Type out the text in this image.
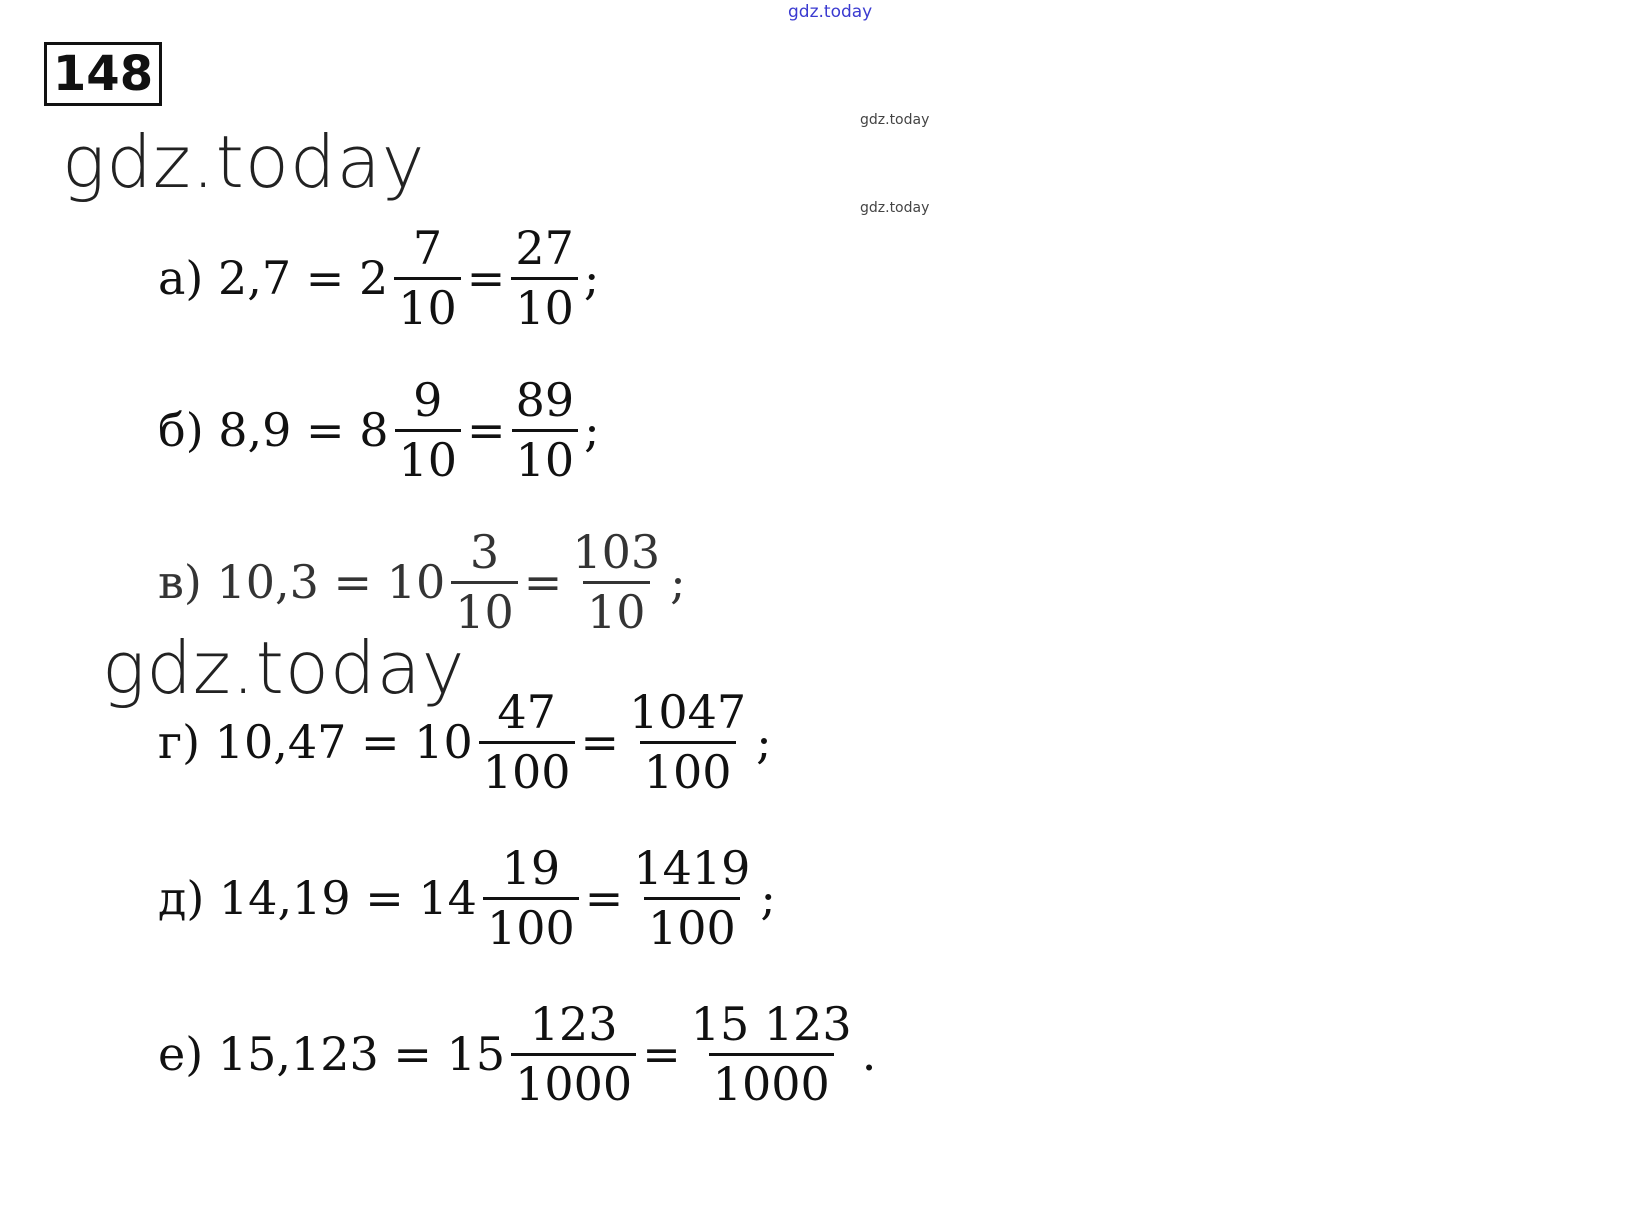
gdz.today
gdz.today
gdz.today
148
gdz.today
а)
2,7
=
$2 \frac{7}{10} = \frac{27}{10}$ ;
б)
8,9
=
$8 \frac{9}{10} = \frac{89}{10}$ ;
в)
10,3
=
$10 \frac{3}{10} = \frac{103}{10}$ ;
gdz.today
г)
10,47
=
$10 \frac{47}{100} = \frac{1047}{100}$ ;
д)
14,19
=
$14 \frac{19}{100} = \frac{1419}{100}$ ;
е)
15,123
=
$15 \frac{123}{1000} = \frac{15 123}{1000}$ .
